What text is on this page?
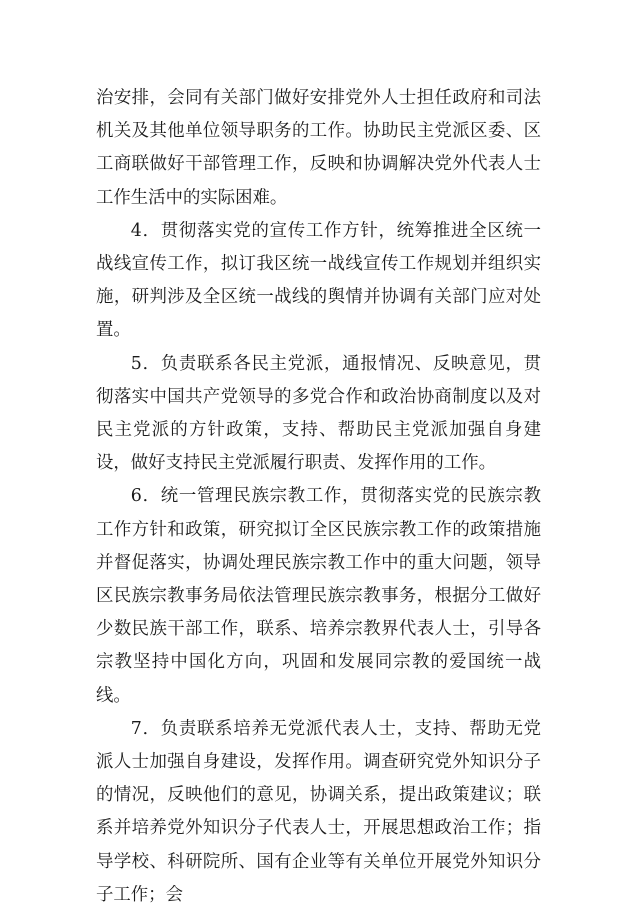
治安排，会同有关部门做好安排党外人士担任政府和司法机关及其他单位领导职务的工作。协助民主党派区委、区工商联做好干部管理工作，反映和协调解决党外代表人士工作生活中的实际困难。

4．贯彻落实党的宣传工作方针，统筹推进全区统一战线宣传工作，拟订我区统一战线宣传工作规划并组织实施，研判涉及全区统一战线的舆情并协调有关部门应对处置。

5．负责联系各民主党派，通报情况、反映意见，贯彻落实中国共产党领导的多党合作和政治协商制度以及对民主党派的方针政策，支持、帮助民主党派加强自身建设，做好支持民主党派履行职责、发挥作用的工作。

6．统一管理民族宗教工作，贯彻落实党的民族宗教工作方针和政策，研究拟订全区民族宗教工作的政策措施并督促落实，协调处理民族宗教工作中的重大问题，领导区民族宗教事务局依法管理民族宗教事务，根据分工做好少数民族干部工作，联系、培养宗教界代表人士，引导各宗教坚持中国化方向，巩固和发展同宗教的爱国统一战线。

7．负责联系培养无党派代表人士，支持、帮助无党派人士加强自身建设，发挥作用。调查研究党外知识分子的情况，反映他们的意见，协调关系，提出政策建议；联系并培养党外知识分子代表人士，开展思想政治工作；指导学校、科研院所、国有企业等有关单位开展党外知识分子工作；会
